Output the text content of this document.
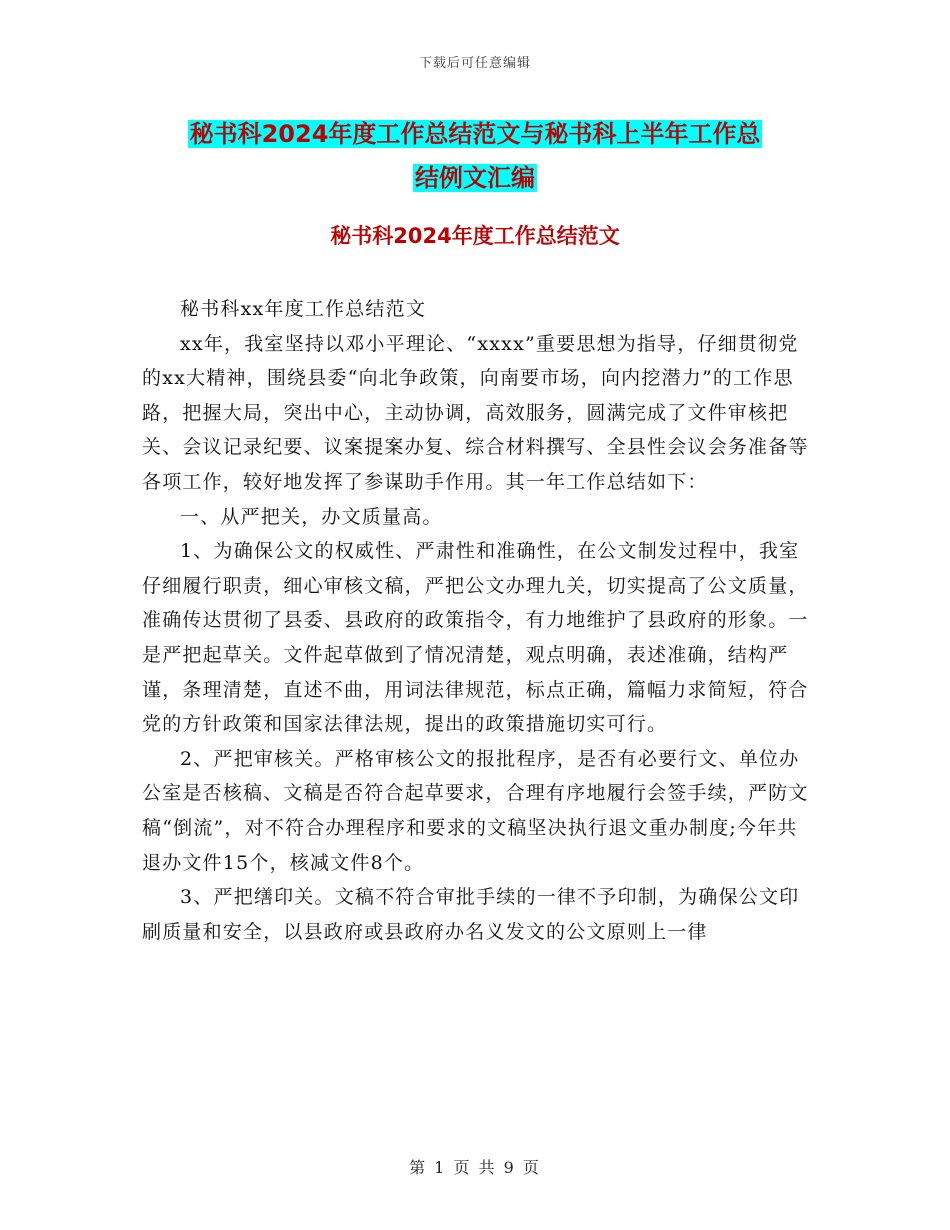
下载后可任意编辑
秘书科2024年度工作总结范文与秘书科上半年工作总
结例文汇编
秘书科2024年度工作总结范文

秘书科xx年度工作总结范文

xx年，我室坚持以邓小平理论、“xxxx”重要思想为指导，仔细贯彻党的xx大精神，围绕县委“向北争政策，向南要市场，向内挖潜力”的工作思路，把握大局，突出中心，主动协调，高效服务，圆满完成了文件审核把关、会议记录纪要、议案提案办复、综合材料撰写、全县性会议会务准备等各项工作，较好地发挥了参谋助手作用。其一年工作总结如下：

一、从严把关，办文质量高。

1、为确保公文的权威性、严肃性和准确性，在公文制发过程中，我室仔细履行职责，细心审核文稿，严把公文办理九关，切实提高了公文质量，准确传达贯彻了县委、县政府的政策指令，有力地维护了县政府的形象。一是严把起草关。文件起草做到了情况清楚，观点明确，表述准确，结构严谨，条理清楚，直述不曲，用词法律规范，标点正确，篇幅力求简短，符合党的方针政策和国家法律法规，提出的政策措施切实可行。

2、严把审核关。严格审核公文的报批程序，是否有必要行文、单位办公室是否核稿、文稿是否符合起草要求，合理有序地履行会签手续，严防文稿“倒流”，对不符合办理程序和要求的文稿坚决执行退文重办制度;今年共退办文件15个，核减文件8个。

3、严把缮印关。文稿不符合审批手续的一律不予印制，为确保公文印刷质量和安全，以县政府或县政府办名义发文的公文原则上一律

第 1 页 共 9 页
